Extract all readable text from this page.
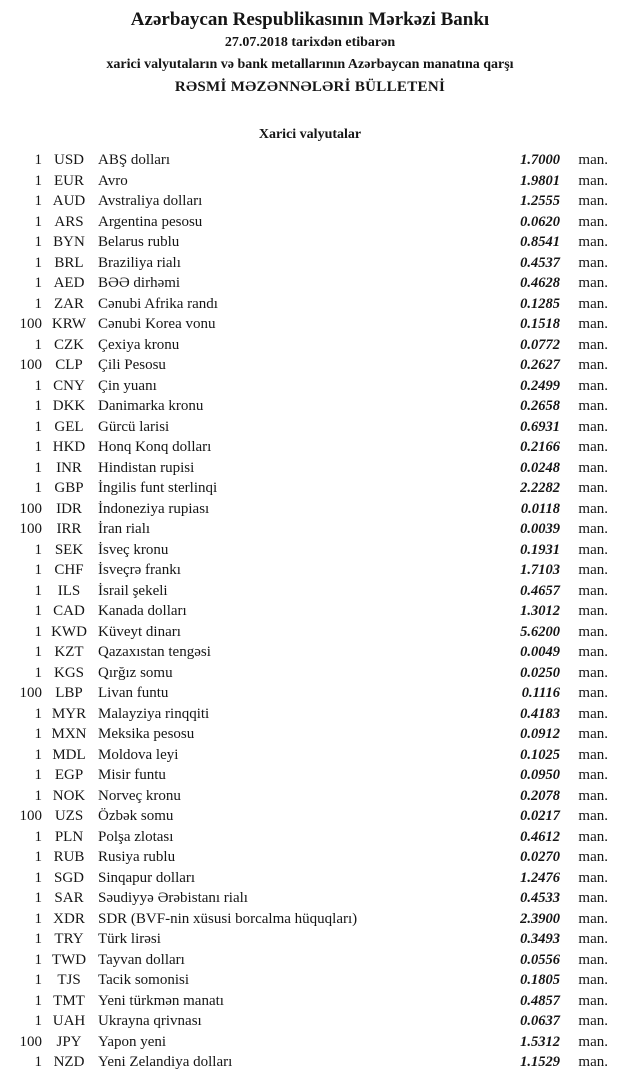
Azərbaycan Respublikasının Mərkəzi Bankı
27.07.2018 tarixdən etibarən
xarici valyutaların və bank metallarının Azərbaycan manatına qarşı
RƏSMİ MƏZƏNNƏLƏRİ BÜLLETENİ
Xarici valyutalar
1 USD ABŞ dolları	1.7000	man.
1 EUR Avro	1.9801	man.
1 AUD Avstraliya dolları	1.2555	man.
1 ARS Argentina pesosu	0.0620	man.
1 BYN Belarus rublu	0.8541	man.
1 BRL Braziliya rialı	0.4537	man.
1 AED BƏƏ dirhəmi	0.4628	man.
1 ZAR Cənubi Afrika randı	0.1285	man.
100 KRW Cənubi Korea vonu	0.1518	man.
1 CZK Çexiya kronu	0.0772	man.
100 CLP	Çili Pesosu	0.2627	man.
1 CNY Çin yuanı	0.2499	man.
1 DKK Danimarka kronu	0.2658	man.
1 GEL Gürcü larisi	0.6931	man.
1 HKD Honq Konq dolları	0.2166	man.
1 INR	Hindistan rupisi	0.0248	man.
1 GBP İngilis funt sterlinqi	2.2282	man.
100 IDR	İndoneziya rupiası	0.0118	man.
100 IRR	İran rialı	0.0039	man.
1 SEK İsveç kronu	0.1931	man.
1 CHF İsveçrə frankı	1.7103	man.
1	ILS	İsrail şekeli	0.4657	man.
1 CAD Kanada dolları	1.3012	man.
1 KWD Küveyt dinarı	5.6200	man.
1 KZT Qazaxıstan tengəsi	0.0049	man.
1 KGS Qırğız somu	0.0250	man.
100 LBP	Livan funtu	0.1116	man.
1 MYR Malayziya rinqqiti	0.4183	man.
1 MXN Meksika pesosu	0.0912	man.
1 MDL Moldova leyi	0.1025	man.
1 EGP Misir funtu	0.0950	man.
1 NOK Norveç kronu	0.2078	man.
100 UZS Özbək somu	0.0217	man.
1 PLN Polşa zlotası	0.4612	man.
1 RUB Rusiya rublu	0.0270	man.
1 SGD Sinqapur dolları	1.2476	man.
1 SAR Səudiyyə Ərəbistanı rialı	0.4533	man.
1 XDR SDR (BVF-nin xüsusi borcalma hüquqları)	2.3900	man.
1 TRY Türk lirəsi	0.3493	man.
1 TWD Tayvan dolları	0.0556	man.
1	TJS	Tacik somonisi	0.1805	man.
1 TMT Yeni türkmən manatı	0.4857	man.
1 UAH Ukrayna qrivnası	0.0637	man.
100 JPY	Yapon yeni	1.5312	man.
1 NZD Yeni Zelandiya dolları	1.1529	man.
